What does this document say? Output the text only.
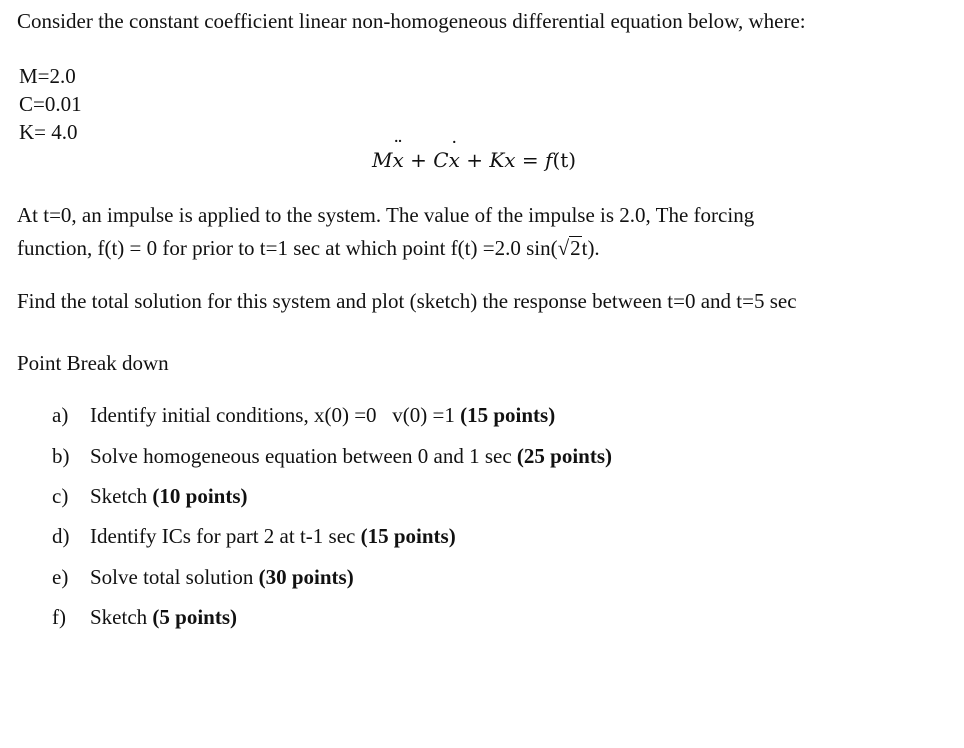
Consider the constant coefficient linear non-homogeneous differential equation below, where:
M=2.0
C=0.01
K= 4.0
Mx ¨ + Cx ˙ + Kx = f(t)
At t=0, an impulse is applied to the system. The value of the impulse is 2.0, The forcing
function, f(t) = 0 for prior to t=1 sec at which point f(t) =2.0 sin(√2t).
Find the total solution for this system and plot (sketch) the response between t=0 and t=5 sec
Point Break down
a) Identify initial conditions, x(0) =0   v(0) =1 (15 points)
b) Solve homogeneous equation between 0 and 1 sec (25 points)
c) Sketch (10 points)
d) Identify ICs for part 2 at t-1 sec (15 points)
e) Solve total solution (30 points)
f) Sketch (5 points)
